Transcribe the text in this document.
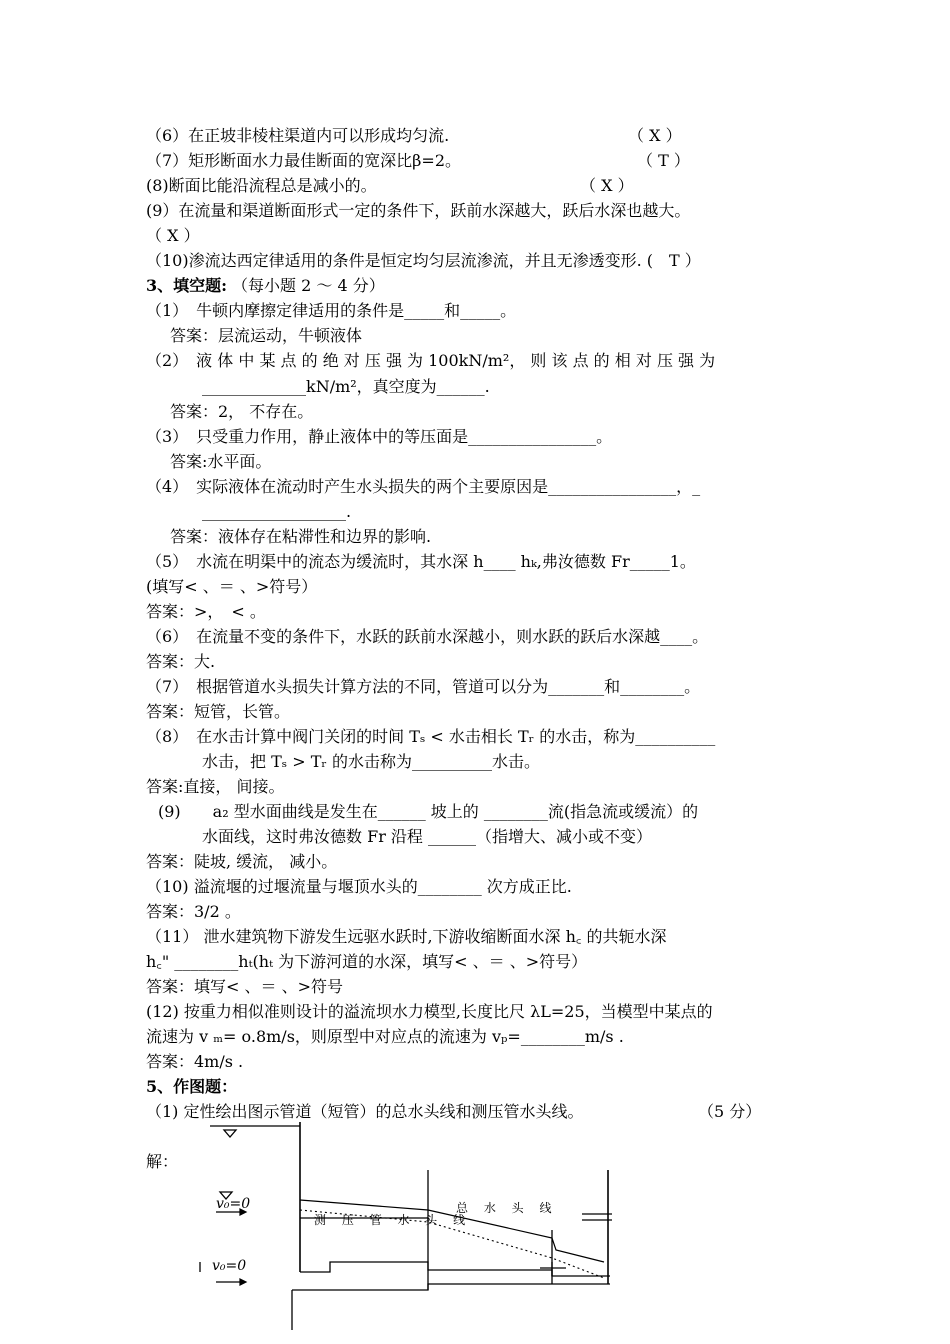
（6）在正坡非棱柱渠道内可以形成均匀流.	（ X ）
（7）矩形断面水力最佳断面的宽深比β=2。	（ T ）
(8)断面比能沿流程总是减小的。	（ X ）
(9）在流量和渠道断面形式一定的条件下，跃前水深越大，跃后水深也越大。
（ X ）
（10)渗流达西定律适用的条件是恒定均匀层流渗流，并且无渗透变形. (　T ）
3、填空题: （每小题 2 ～ 4 分）
（1）　牛顿内摩擦定律适用的条件是_____和_____。
答案：层流运动，牛顿液体
（2）　液 体 中 某 点 的 绝 对 压 强 为 100kN/m²， 则 该 点 的 相 对 压 强 为
_____________kN/m²，真空度为______.
答案：2， 不存在。
（3）　只受重力作用，静止液体中的等压面是________________。
答案:水平面。
（4）　实际液体在流动时产生水头损失的两个主要原因是________________，_
__________________.
答案：液体存在粘滞性和边界的影响.
（5）　水流在明渠中的流态为缓流时，其水深 h____ hₖ,弗汝德数 Fr_____1。
(填写< 、＝ 、>符号）
答案：>，　< 。
（6）　在流量不变的条件下，水跃的跃前水深越小，则水跃的跃后水深越____。
答案：大.
（7）　根据管道水头损失计算方法的不同，管道可以分为_______和________。
答案：短管，长管。
（8）　在水击计算中阀门关闭的时间 Tₛ < 水击相长 Tᵣ 的水击，称为__________
水击，把 Tₛ > Tᵣ 的水击称为__________水击。
答案:直接， 间接。
(9)　　a₂ 型水面曲线是发生在______ 坡上的 ________流(指急流或缓流）的
水面线，这时弗汝德数 Fr 沿程 ______（指增大、减小或不变）
答案：陡坡, 缓流， 减小。
（10) 溢流堰的过堰流量与堰顶水头的________ 次方成正比.
答案：3/2 。
（11） 泄水建筑物下游发生远驱水跃时,下游收缩断面水深 h꜀ 的共轭水深
h꜀" ________hₜ(hₜ 为下游河道的水深，填写< 、＝ 、>符号）
答案：填写< 、＝ 、>符号
(12) 按重力相似准则设计的溢流坝水力模型,长度比尺 λL=25，当模型中某点的
流速为 v ₘ= o.8m/s，则原型中对应点的流速为 vₚ=________m/s .
答案：4m/s .
5、作图题：
（1) 定性绘出图示管道（短管）的总水头线和测压管水头线。	（5 分）
解：
v₀=0
v₀=0
总 水 头 线
测 压 管 水 头 线
